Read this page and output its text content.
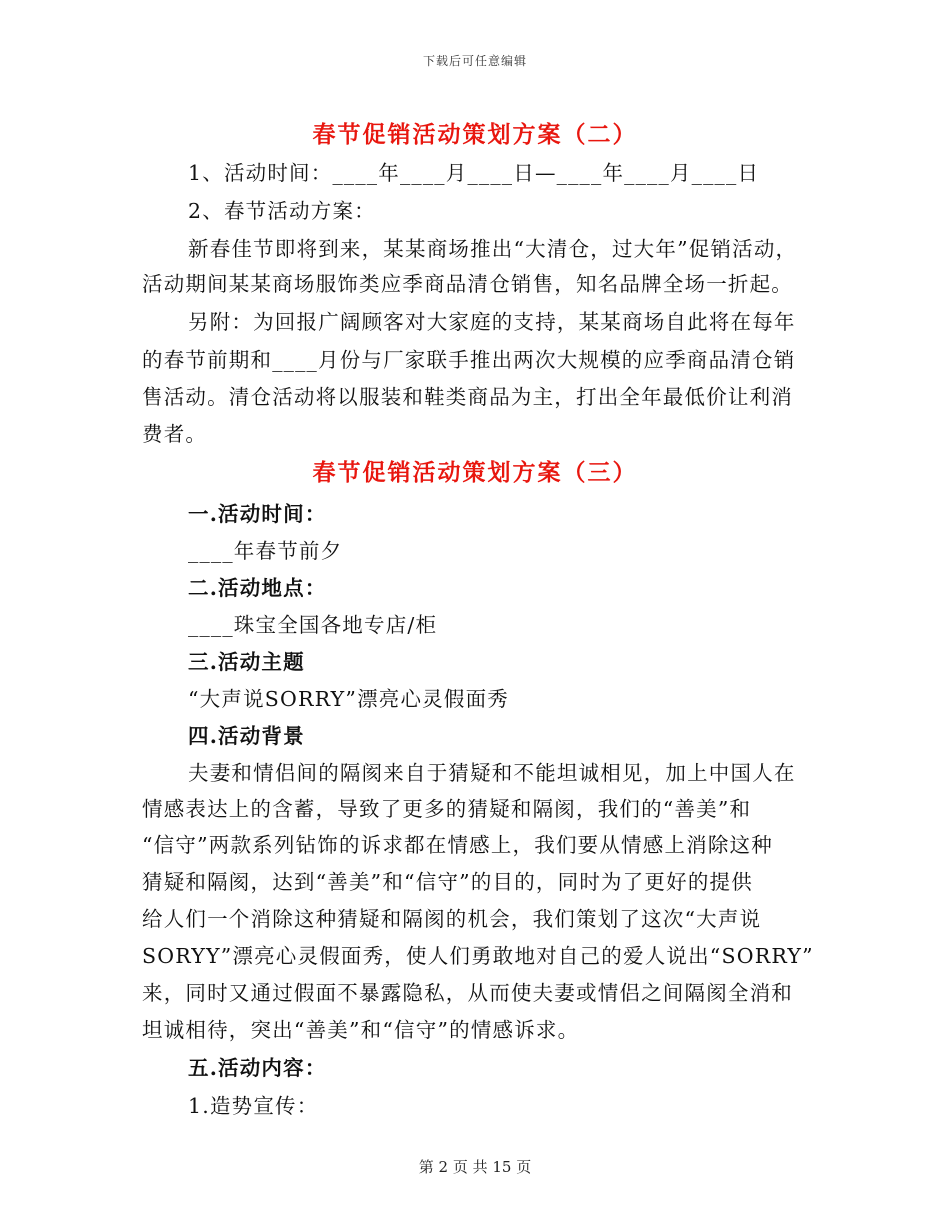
下载后可任意编辑
春节促销活动策划方案（二）
1、活动时间：____年____月____日—____年____月____日
2、春节活动方案：
新春佳节即将到来，某某商场推出“大清仓，过大年”促销活动，
活动期间某某商场服饰类应季商品清仓销售，知名品牌全场一折起。
另附：为回报广阔顾客对大家庭的支持，某某商场自此将在每年
的春节前期和____月份与厂家联手推出两次大规模的应季商品清仓销
售活动。清仓活动将以服装和鞋类商品为主，打出全年最低价让利消
费者。
春节促销活动策划方案（三）
一.活动时间：
____年春节前夕
二.活动地点：
____珠宝全国各地专店/柜
三.活动主题
“大声说SORRY”漂亮心灵假面秀
四.活动背景
夫妻和情侣间的隔阂来自于猜疑和不能坦诚相见，加上中国人在
情感表达上的含蓄，导致了更多的猜疑和隔阂，我们的“善美”和
“信守”两款系列钻饰的诉求都在情感上，我们要从情感上消除这种
猜疑和隔阂，达到“善美”和“信守”的目的，同时为了更好的提供
给人们一个消除这种猜疑和隔阂的机会，我们策划了这次“大声说
SORYY”漂亮心灵假面秀，使人们勇敢地对自己的爱人说出“SORRY”
来，同时又通过假面不暴露隐私，从而使夫妻或情侣之间隔阂全消和
坦诚相待，突出“善美”和“信守”的情感诉求。
五.活动内容：
1.造势宣传：
第 2 页 共 15 页
